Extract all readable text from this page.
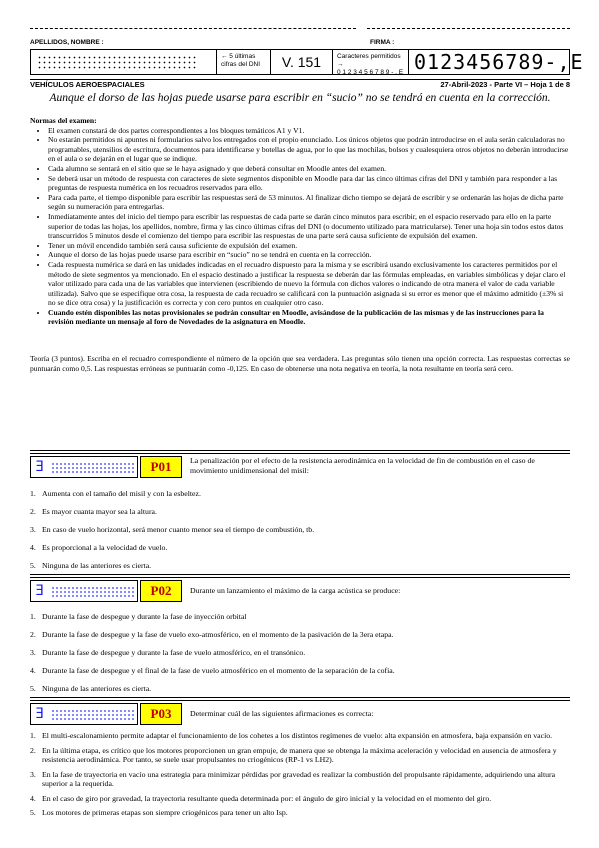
APELLIDOS, NOMBRE :	FIRMA :
← 5 últimas cifras del DNI	V. 151	Caracteres permitidos →
0 1 2 3 4 5 6 7 8 9 - , E 0123456789-,E
VEHÍCULOS AEROESPACIALES	27-Abril-2023 - Parte VI – Hoja 1 de 8
Aunque el dorso de las hojas puede usarse para escribir en “sucio” no se tendrá en cuenta en la corrección.
Normas del examen:
• El examen constará de dos partes correspondientes a los bloques temáticos A1 y V1.
• No estarán permitidos ni apuntes ni formularios salvo los entregados con el propio enunciado. Los únicos objetos que podrán introducirse en el aula serán calculadoras no programables, utensilios de escritura, documentos para identificarse y botellas de agua, por lo que las mochilas, bolsos y cualesquiera otros objetos no deberán introducirse en el aula o se dejarán en el lugar que se indique.
• Cada alumno se sentará en el sitio que se le haya asignado y que deberá consultar en Moodle antes del examen.
• Se deberá usar un método de respuesta con caracteres de siete segmentos disponible en Moodle para dar las cinco últimas cifras del DNI y también para responder a las preguntas de respuesta numérica en los recuadros reservados para ello.
• Para cada parte, el tiempo disponible para escribir las respuestas será de 53 minutos. Al finalizar dicho tiempo se dejará de escribir y se ordenarán las hojas de dicha parte según su numeración para entregarlas.
• Inmediatamente antes del inicio del tiempo para escribir las respuestas de cada parte se darán cinco minutos para escribir, en el espacio reservado para ello en la parte superior de todas las hojas, los apellidos, nombre, firma y las cinco últimas cifras del DNI (o documento utilizado para matricularse). Tener una hoja sin todos estos datos transcurridos 5 minutos desde el comienzo del tiempo para escribir las respuestas de una parte será causa suficiente de expulsión del examen.
• Tener un móvil encendido también será causa suficiente de expulsión del examen.
• Aunque el dorso de las hojas puede usarse para escribir en “sucio” no se tendrá en cuenta en la corrección.
• Cada respuesta numérica se dará en las unidades indicadas en el recuadro dispuesto para la misma y se escribirá usando exclusivamente los caracteres permitidos por el método de siete segmentos ya mencionado. En el espacio destinado a justificar la respuesta se deberán dar las fórmulas empleadas, en variables simbólicas y dejar claro el valor utilizado para cada una de las variables que intervienen (escribiendo de nuevo la fórmula con dichos valores o indicando de otra manera el valor de cada variable utilizada). Salvo que se especifique otra cosa, la respuesta de cada recuadro se calificará con la puntuación asignada si su error es menor que el máximo admitido (±3% si no se dice otra cosa) y la justificación es correcta y con cero puntos en cualquier otro caso.
• Cuando estén disponibles las notas provisionales se podrán consultar en Moodle, avisándose de la publicación de las mismas y de las instrucciones para la revisión mediante un mensaje al foro de Novedades de la asignatura en Moodle.
Teoría (3 puntos). Escriba en el recuadro correspondiente el número de la opción que sea verdadera. Las preguntas sólo tienen una opción correcta. Las respuestas correctas se puntuarán como 0,5. Las respuestas erróneas se puntuarán como -0,125. En caso de obtenerse una nota negativa en teoría, la nota resultante en teoría será cero.
Ǝ	P01	La penalización por el efecto de la resistencia aerodinámica en la velocidad de fin de combustión en el caso de movimiento unidimensional del misil:
1. Aumenta con el tamaño del misil y con la esbeltez.
2. Es mayor cuanta mayor sea la altura.
3. En caso de vuelo horizontal, será menor cuanto menor sea el tiempo de combustión, tb.
4. Es proporcional a la velocidad de vuelo.
5. Ninguna de las anteriores es cierta.
Ǝ	P02	Durante un lanzamiento el máximo de la carga acústica se produce:
1. Durante la fase de despegue y durante la fase de inyección orbital
2. Durante la fase de despegue y la fase de vuelo exo-atmosférico, en el momento de la pasivación de la 3era etapa.
3. Durante la fase de despegue y durante la fase de vuelo atmosférico, en el transónico.
4. Durante la fase de despegue y el final de la fase de vuelo atmosférico en el momento de la separación de la cofia.
5. Ninguna de las anteriores es cierta.
Ǝ	P03	Determinar cuál de las siguientes afirmaciones es correcta:
1. El multi-escalonamiento permite adaptar el funcionamiento de los cohetes a los distintos regímenes de vuelo: alta expansión en atmosfera, baja expansión en vacío.
2. En la última etapa, es crítico que los motores proporcionen un gran empuje, de manera que se obtenga la máxima aceleración y velocidad en ausencia de atmosfera y resistencia aerodinámica. Por tanto, se suele usar propulsantes no criogénicos (RP-1 vs LH2).
3. En la fase de trayectoria en vacío una estrategia para minimizar pérdidas por gravedad es realizar la combustión del propulsante rápidamente, adquiriendo una altura superior a la requerida.
4. En el caso de giro por gravedad, la trayectoria resultante queda determinada por: el ángulo de giro inicial y la velocidad en el momento del giro.
5. Los motores de primeras etapas son siempre criogénicos para tener un alto Isp.
